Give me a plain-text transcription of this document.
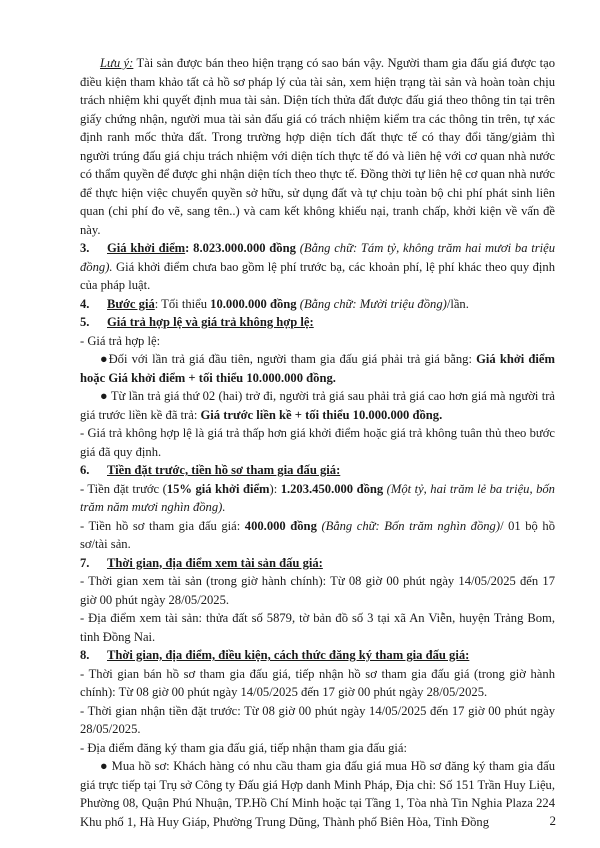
Lưu ý: Tài sản được bán theo hiện trạng có sao bán vậy. Người tham gia đấu giá được tạo điều kiện tham khảo tất cả hồ sơ pháp lý của tài sản, xem hiện trạng tài sản và hoàn toàn chịu trách nhiệm khi quyết định mua tài sản. Diện tích thửa đất được đấu giá theo thông tin tại trên giấy chứng nhận, người mua tài sản đấu giá có trách nhiệm kiểm tra các thông tin trên, tự xác định ranh mốc thửa đất. Trong trường hợp diện tích đất thực tế có thay đổi tăng/giảm thì người trúng đấu giá chịu trách nhiệm với diện tích thực tế đó và liên hệ với cơ quan nhà nước có thẩm quyền để được ghi nhận diện tích theo thực tế. Đồng thời tự liên hệ cơ quan nhà nước để thực hiện việc chuyển quyền sở hữu, sử dụng đất và tự chịu toàn bộ chi phí phát sinh liên quan (chi phí đo vẽ, sang tên..) và cam kết không khiếu nại, tranh chấp, khởi kiện về vấn đề này.

3. Giá khởi điểm: 8.023.000.000 đồng (Bằng chữ: Tám tỷ, không trăm hai mươi ba triệu đồng). Giá khởi điểm chưa bao gồm lệ phí trước bạ, các khoản phí, lệ phí khác theo quy định của pháp luật.

4. Bước giá: Tối thiểu 10.000.000 đồng (Bằng chữ: Mười triệu đồng)/lần.

5. Giá trả hợp lệ và giá trả không hợp lệ:

- Giá trả hợp lệ:

●Đối với lần trả giá đầu tiên, người tham gia đấu giá phải trả giá bằng: Giá khởi điểm hoặc Giá khởi điểm + tối thiểu 10.000.000 đồng.

● Từ lần trả giá thứ 02 (hai) trở đi, người trả giá sau phải trả giá cao hơn giá mà người trả giá trước liền kề đã trả: Giá trước liền kề + tối thiểu 10.000.000 đồng.

- Giá trả không hợp lệ là giá trả thấp hơn giá khởi điểm hoặc giá trả không tuân thủ theo bước giá đã quy định.

6. Tiền đặt trước, tiền hồ sơ tham gia đấu giá:

- Tiền đặt trước (15% giá khởi điểm): 1.203.450.000 đồng (Một tỷ, hai trăm lẻ ba triệu, bốn trăm năm mươi nghìn đồng).

- Tiền hồ sơ tham gia đấu giá: 400.000 đồng (Bằng chữ: Bốn trăm nghìn đồng)/ 01 bộ hồ sơ/tài sản.

7. Thời gian, địa điểm xem tài sản đấu giá:

- Thời gian xem tài sản (trong giờ hành chính): Từ 08 giờ 00 phút ngày 14/05/2025 đến 17 giờ 00 phút ngày 28/05/2025.

- Địa điểm xem tài sản: thửa đất số 5879, tờ bản đồ số 3 tại xã An Viễn, huyện Trảng Bom, tỉnh Đồng Nai.

8. Thời gian, địa điểm, điều kiện, cách thức đăng ký tham gia đấu giá:

- Thời gian bán hồ sơ tham gia đấu giá, tiếp nhận hồ sơ tham gia đấu giá (trong giờ hành chính): Từ 08 giờ 00 phút ngày 14/05/2025 đến 17 giờ 00 phút ngày 28/05/2025.

- Thời gian nhận tiền đặt trước: Từ 08 giờ 00 phút ngày 14/05/2025 đến 17 giờ 00 phút ngày 28/05/2025.

- Địa điểm đăng ký tham gia đấu giá, tiếp nhận tham gia đấu giá:

● Mua hồ sơ: Khách hàng có nhu cầu tham gia đấu giá mua Hồ sơ đăng ký tham gia đấu giá trực tiếp tại Trụ sở Công ty Đấu giá Hợp danh Minh Pháp, Địa chỉ: Số 151 Trần Huy Liệu, Phường 08, Quận Phú Nhuận, TP.Hồ Chí Minh hoặc tại Tầng 1, Tòa nhà Tin Nghia Plaza 224 Khu phố 1, Hà Huy Giáp, Phường Trung Dũng, Thành phố Biên Hòa, Tỉnh Đồng	2
